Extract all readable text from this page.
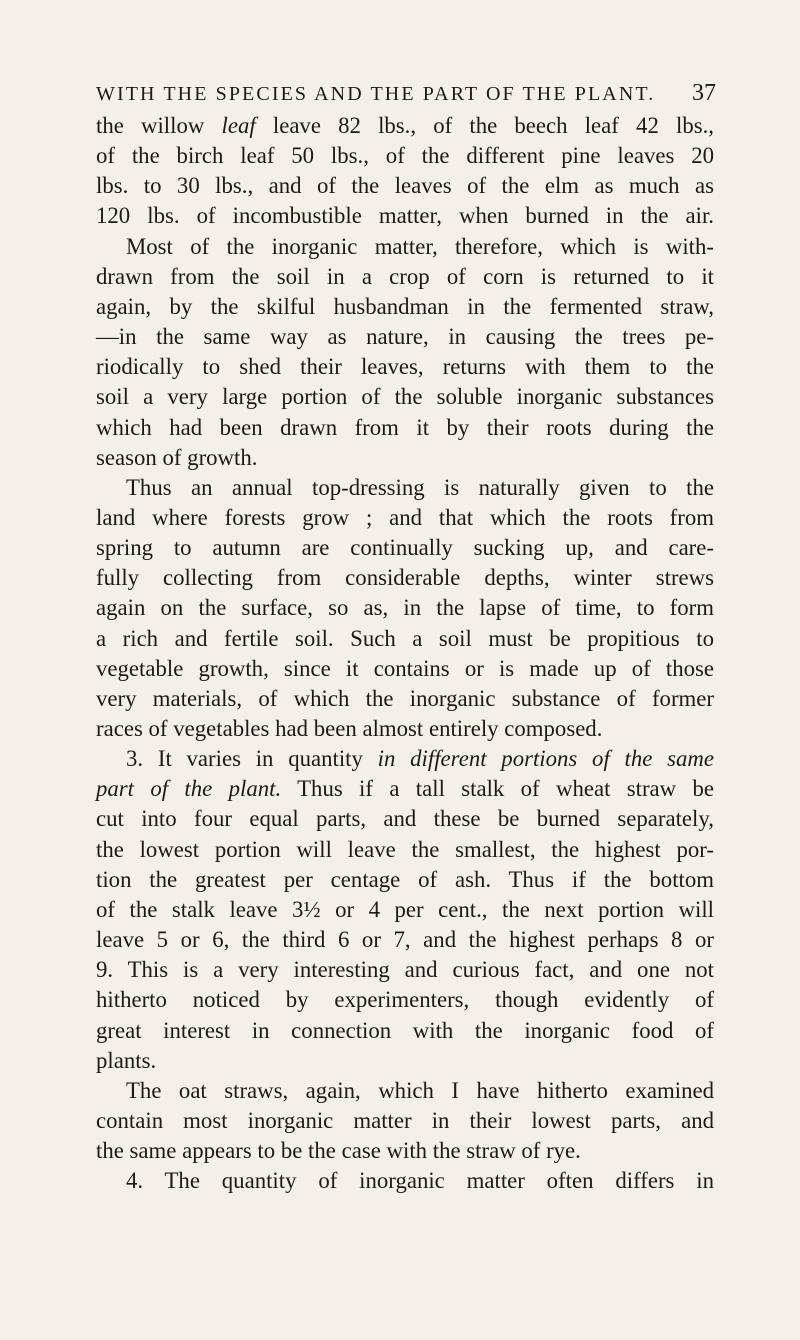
WITH THE SPECIES AND THE PART OF THE PLANT. 37
the willow leaf leave 82 lbs., of the beech leaf 42 lbs.,
of the birch leaf 50 lbs., of the different pine leaves 20
lbs. to 30 lbs., and of the leaves of the elm as much as
120 lbs. of incombustible matter, when burned in the air.
Most of the inorganic matter, therefore, which is with-
drawn from the soil in a crop of corn is returned to it
again, by the skilful husbandman in the fermented straw,
—in the same way as nature, in causing the trees pe-
riodically to shed their leaves, returns with them to the
soil a very large portion of the soluble inorganic substances
which had been drawn from it by their roots during the
season of growth.
Thus an annual top-dressing is naturally given to the
land where forests grow ; and that which the roots from
spring to autumn are continually sucking up, and care-
fully collecting from considerable depths, winter strews
again on the surface, so as, in the lapse of time, to form
a rich and fertile soil. Such a soil must be propitious to
vegetable growth, since it contains or is made up of those
very materials, of which the inorganic substance of former
races of vegetables had been almost entirely composed.
3. It varies in quantity in different portions of the same
part of the plant. Thus if a tall stalk of wheat straw be
cut into four equal parts, and these be burned separately,
the lowest portion will leave the smallest, the highest por-
tion the greatest per centage of ash. Thus if the bottom
of the stalk leave 3½ or 4 per cent., the next portion will
leave 5 or 6, the third 6 or 7, and the highest perhaps 8 or
9. This is a very interesting and curious fact, and one not
hitherto noticed by experimenters, though evidently of
great interest in connection with the inorganic food of
plants.
The oat straws, again, which I have hitherto examined
contain most inorganic matter in their lowest parts, and
the same appears to be the case with the straw of rye.
4. The quantity of inorganic matter often differs in
